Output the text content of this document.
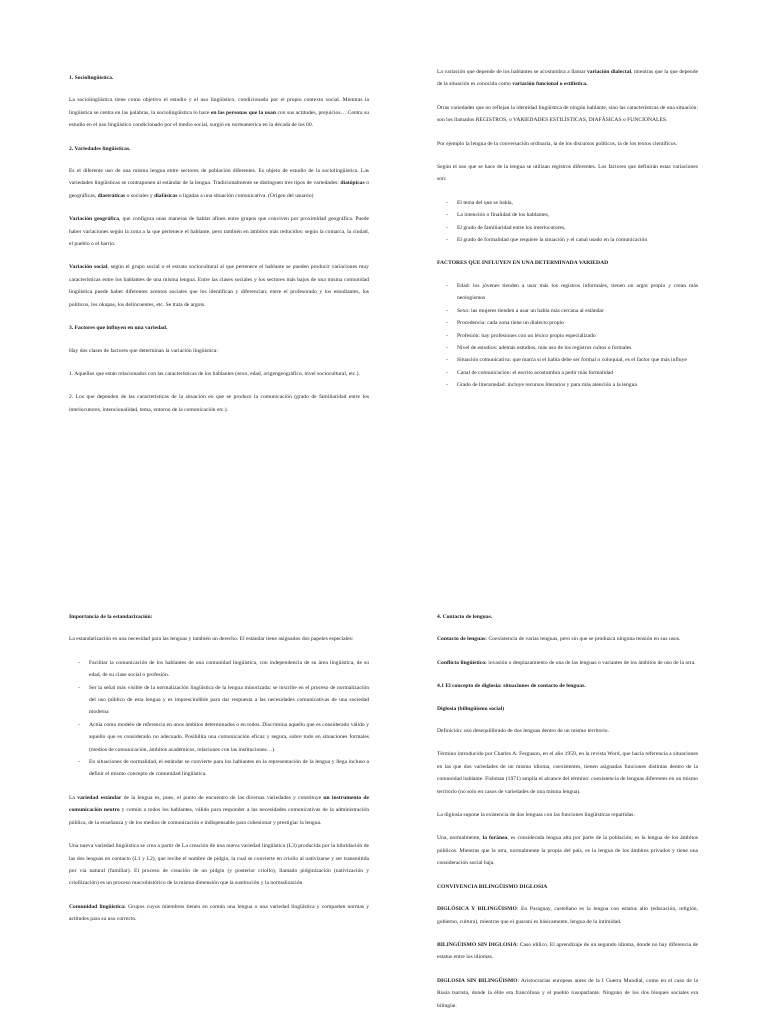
1. Sociolingüística.

La sociolingüística tiene como objetivo el estudio y el uso lingüístico, condicionado por el propio contexto social. Mientras la lingüística se centra en las palabras, la sociolingüística lo hace en las personas que la usan con sus actitudes, prejuicios… Centra su estudio en el uso lingüístico condicionado por el medio social, surgió en norteamerica en la década de los 60.

2. Variedades lingüísticas.

Es el diferente uso de una misma lengua entre sectores de población diferentes. Es objeto de estudio de la sociolingüística. Las variedades lingüísticas se contraponen al estándar de la lengua. Tradicionalmente se distinguen tres tipos de variedades: diatópicas o geográficas, diastráticas o sociales y diafásicas o ligadas a una situación comunicativa. (Origen del usuario)

Variación geográfica, que configura unas maneras de hablar afines entre grupos que conviven por proximidad geográfica. Puede haber variaciones según la zona a la que pertenece el hablante, pero también en ámbitos más reducidos: según la comarca, la ciudad, el pueblo o el barrio.

Variación social, según el grupo social o el estrato sociocultural al que pertenece el hablante se pueden producir variaciones muy características entre los hablantes de una misma lengua. Entre las clases sociales y los sectores más bajos de una misma comunidad lingüística puede haber diferentes acentos sociales que los identifican y diferencian; entre el profesorado y los estudiantes, los políticos, los okupas, los delincuentes, etc. Se trata de argots.

3. Factores que influyen en una variedad.

Hay dos clases de factores que determinan la variación lingüística:

1. Aquellos que están relacionados con las características de los hablantes (sexo, edad, origengeográfico, nivel sociocultural, etc.).

2. Los que dependen de las características de la situación en que se produce la comunicación (grado de familiaridad entre los interlocutores, intencionalidad, tema, entorno de la comunicación etc.).

La variación que depende de los hablantes se acostumbra a llamar variación dialectal, mientras que la que depende de la situación es conocida como variación funcional o estilística.

Otras variedades que no reflejan la identidad lingüística de ningún hablante, sino las características de una situación: son los llamados REGISTROS, o VARIEDADES ESTILÍSTICAS, DIAFÁSICAS o FUNCIONALES.

Por ejemplo la lengua de la conversación ordinaria, la de los discursos políticos, la de los textos científicos.

Según el uso que se hace de la lengua se utilizan registros diferentes. Los factores que definirán estas variaciones son:

- El tema del que se habla,
- La intención o finalidad de los hablantes,
- El grado de familiaridad entre los interlocutores,
- El grado de formalidad que requiere la situación y el canal usado en la comunicación
FACTORES QUE INFLUYEN EN UNA DETERMINADA VARIEDAD
- Edad: los jóvenes tienden a usar más los registros informales, tienen un argot propio y crean más neologismos
- Sexo: las mujeres tienden a usar un habla más cercana al estándar
- Procedencia: cada zona tiene un dialecto propio
- Profesión: hay profesiones con un léxico propio especializado
- Nivel de estudios: además estudios, más uso de los registros cultos o formales
- Situación comunicativa: que marca si el habla debe ser formal o coloquial, es el factor que más influye
- Canal de comunicación: el escrito acostumbra a pedir más formalidad
- Grado de literariedad: incluye recursos literarios y para más atención a la lengua
Importancia de la estandarización:

La estandarización es una necesidad para las lenguas y también un derecho. El estándar tiene asignados dos papeles especiales:

- Facilitar la comunicación de los hablantes de una comunidad lingüística, con independencia de su área lingüística, de su edad, de su clase social o profesión.
- Ser la señal más visible de la normalización lingüística de la lengua minorizada; se inscribe en el proceso de normalización del uso público de esta lengua y es imprescindible para dar respuesta a las necesidades comunicativas de una sociedad moderna
- Actúa como modelo de referencia en unos ámbitos determinados o en todos. Discrimina aquello que es considerado válido y aquello que es considerado no adecuado. Posibilita una comunicación eficaz y segura, sobre todo en situaciones formales (medios de comunicación, ámbitos académicos, relaciones con las instituciones…).
- En situaciones de normalidad, el estándar se convierte para los hablantes en la representación de la lengua y llega incluso a definir el mismo concepto de comunidad lingüística.

La variedad estándar de la lengua es, pues, el punto de encuentro de las diversas variedades y constituye un instrumento de comunicación neutro y común a todos los hablantes, válido para responder a las necesidades comunicativas de la administración pública, de la enseñanza y de los medios de comunicación e indispensable para cohesionar y prestigiar la lengua.

Una nueva variedad lingüística se crea a partir de La creación de una nueva variedad lingüística (L3) producida por la hibridación de las dos lenguas en contacto (L1 y L2), que recibe el nombre de pidgin, la cual se convierte en criollo al nativizarse y ser transmitida por vía natural (familiar). El proceso de creación de un pidgin (y posterior criollo), llamado pidginización (nativización y criollización) es un proceso macrohistórico de la misma dimensión que la sustitución y la normalización

Comunidad lingüística: Grupos cuyos miembros tienen en común una lengua o una variedad lingüística y comparten normas y actitudes para su uso correcto.

4. Contacto de lenguas.

Contacto de lenguas: Coexistencia de varias lenguas, pero sin que se produzca ninguna tensión en sus usos.

Conflicto lingüístico: invasión o desplazamiento de una de las lenguas o variantes de los ámbitos de uso de la otra.

4.1 El concepto de diglosia: situaciones de contacto de lenguas.
Diglosia (bilingüismo social)

Definición: uso desequilibrado de dos lenguas dentro de un mismo territorio.

Término introducido por Charles A. Ferguson, en el año 1959, en la revista Word, que hacía referencia a situaciones en las que dos variedades de un mismo idioma, coexistentes, tienen asignadas funciones distintas dentro de la comunidad hablante. Fishman (1971) amplía el alcance del término: coexistencia de lenguas diferentes en un mismo territorio (no solo en casos de variedades de una misma lengua).

La diglosia supone la existencia de dos lenguas con las funciones lingüísticas repartidas.

Una, normalmente, la foránea, es considerada lengua alta por parte de la población; es la lengua de los ámbitos públicos. Mientras que la otra, normalmente la propia del país, es la lengua de los ámbitos privados y tiene una consideración social baja.

CONVIVENCIA BILINGÜISMO DIGLOSIA

DIGLÓSICA Y BILINGÜISMO: En Paraguay, castellano es la lengua con estatus alto (educación, religión, gobierno, cultura), mientras que el guaraní es básicamente, lengua de la intimidad.

BILINGÜISMO SIN DIGLOSIA: Caso idílico. El aprendizaje de un segundo idioma, donde no hay diferencia de estatus entre los idiomas.

DIGLOSIA SIN BILINGÜISMO: Aristocracias europeas antes de la I Guerra Mundial, como en el caso de la Rusia tsarista, donde la élite era francófona y el pueblo rusoparlante. Ninguno de los dos bloques sociales era bilingüe.
